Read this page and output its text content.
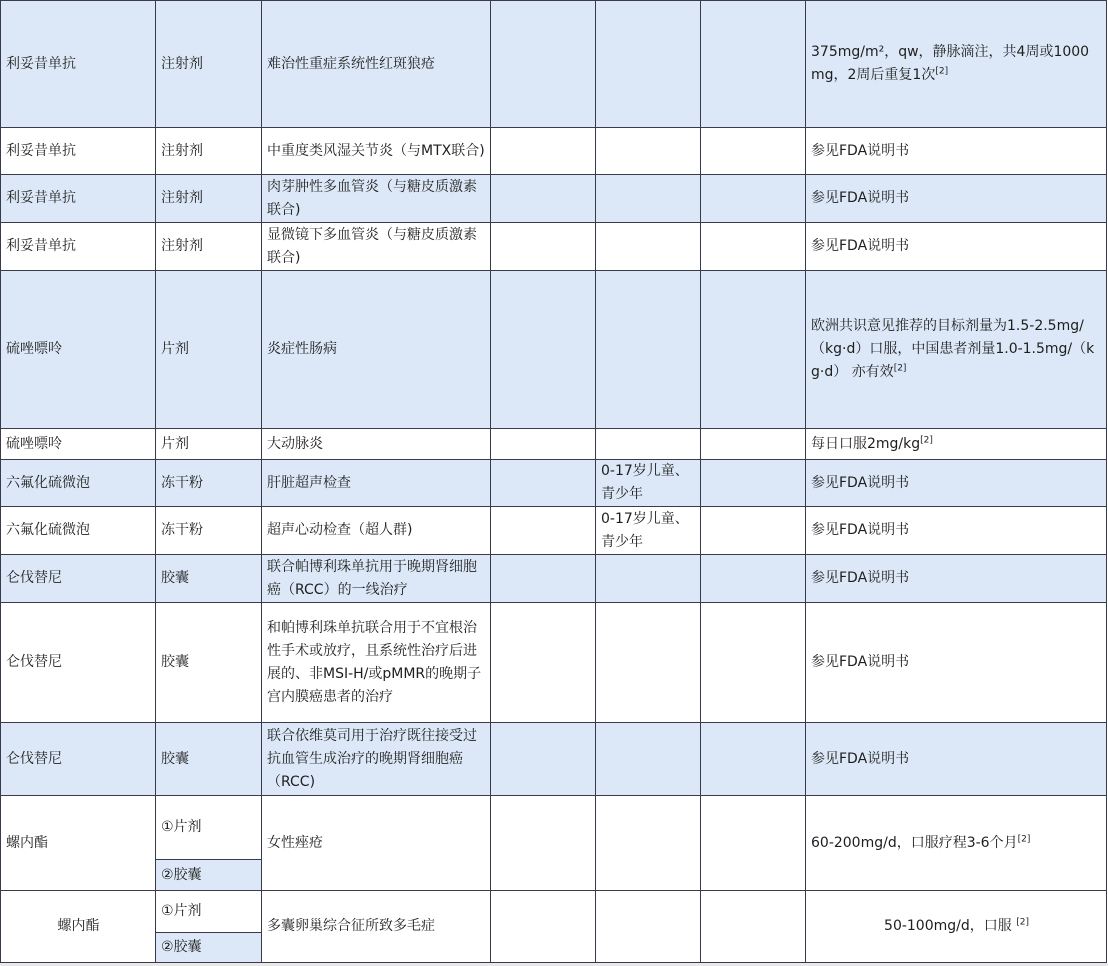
利妥昔单抗	注射剂	难治性重症系统性红斑狼疮				375mg/m²，qw，静脉滴注，共4周或1000mg，2周后重复1次[2]
利妥昔单抗	注射剂	中重度类风湿关节炎（与MTX联合)				参见FDA说明书
利妥昔单抗	注射剂	肉芽肿性多血管炎（与糖皮质激素联合)				参见FDA说明书
利妥昔单抗	注射剂	显微镜下多血管炎（与糖皮质激素联合)				参见FDA说明书
硫唑嘌呤	片剂	炎症性肠病				欧洲共识意见推荐的目标剂量为1.5-2.5mg/（kg·d）口服，中国患者剂量1.0-1.5mg/（kg·d） 亦有效[2]
硫唑嘌呤	片剂	大动脉炎				每日口服2mg/kg[2]
六氟化硫微泡	冻干粉	肝脏超声检查		0-17岁儿童、青少年		参见FDA说明书
六氟化硫微泡	冻干粉	超声心动检查（超人群)		0-17岁儿童、青少年		参见FDA说明书
仑伐替尼	胶囊	联合帕博利珠单抗用于晚期肾细胞癌（RCC）的一线治疗				参见FDA说明书
仑伐替尼	胶囊	和帕博利珠单抗联合用于不宜根治性手术或放疗，且系统性治疗后进展的、非MSI-H/或pMMR的晚期子宫内膜癌患者的治疗				参见FDA说明书
仑伐替尼	胶囊	联合依维莫司用于治疗既往接受过抗血管生成治疗的晚期肾细胞癌（RCC)				参见FDA说明书
螺内酯	①片剂	女性痤疮				60-200mg/d，口服疗程3-6个月[2]
	②胶囊					
螺内酯	①片剂	多囊卵巢综合征所致多毛症				50-100mg/d，口服 [2]
	②胶囊					
